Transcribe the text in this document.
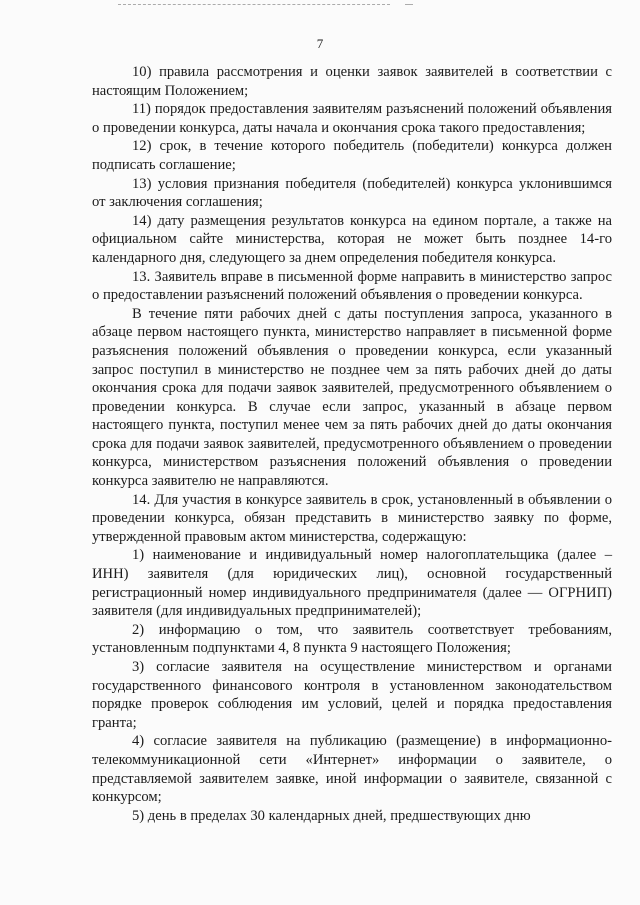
7

10) правила рассмотрения и оценки заявок заявителей в соответствии с настоящим Положением;

11) порядок предоставления заявителям разъяснений положений объявления о проведении конкурса, даты начала и окончания срока такого предоставления;

12) срок, в течение которого победитель (победители) конкурса должен подписать соглашение;

13) условия признания победителя (победителей) конкурса уклонившимся от заключения соглашения;

14) дату размещения результатов конкурса на едином портале, а также на официальном сайте министерства, которая не может быть позднее 14-го календарного дня, следующего за днем определения победителя конкурса.

13. Заявитель вправе в письменной форме направить в министерство запрос о предоставлении разъяснений положений объявления о проведении конкурса.

В течение пяти рабочих дней с даты поступления запроса, указанного в абзаце первом настоящего пункта, министерство направляет в письменной форме разъяснения положений объявления о проведении конкурса, если указанный запрос поступил в министерство не позднее чем за пять рабочих дней до даты окончания срока для подачи заявок заявителей, предусмотренного объявлением о проведении конкурса. В случае если запрос, указанный в абзаце первом настоящего пункта, поступил менее чем за пять рабочих дней до даты окончания срока для подачи заявок заявителей, предусмотренного объявлением о проведении конкурса, министерством разъяснения положений объявления о проведении конкурса заявителю не направляются.

14. Для участия в конкурсе заявитель в срок, установленный в объявлении о проведении конкурса, обязан представить в министерство заявку по форме, утвержденной правовым актом министерства, содержащую:

1) наименование и индивидуальный номер налогоплательщика (далее – ИНН) заявителя (для юридических лиц), основной государственный регистрационный номер индивидуального предпринимателя (далее — ОГРНИП) заявителя (для индивидуальных предпринимателей);

2) информацию о том, что заявитель соответствует требованиям, установленным подпунктами 4, 8 пункта 9 настоящего Положения;

3) согласие заявителя на осуществление министерством и органами государственного финансового контроля в установленном законодательством порядке проверок соблюдения им условий, целей и порядка предоставления гранта;

4) согласие заявителя на публикацию (размещение) в информационно-телекоммуникационной сети «Интернет» информации о заявителе, о представляемой заявителем заявке, иной информации о заявителе, связанной с конкурсом;

5) день в пределах 30 календарных дней, предшествующих дню
